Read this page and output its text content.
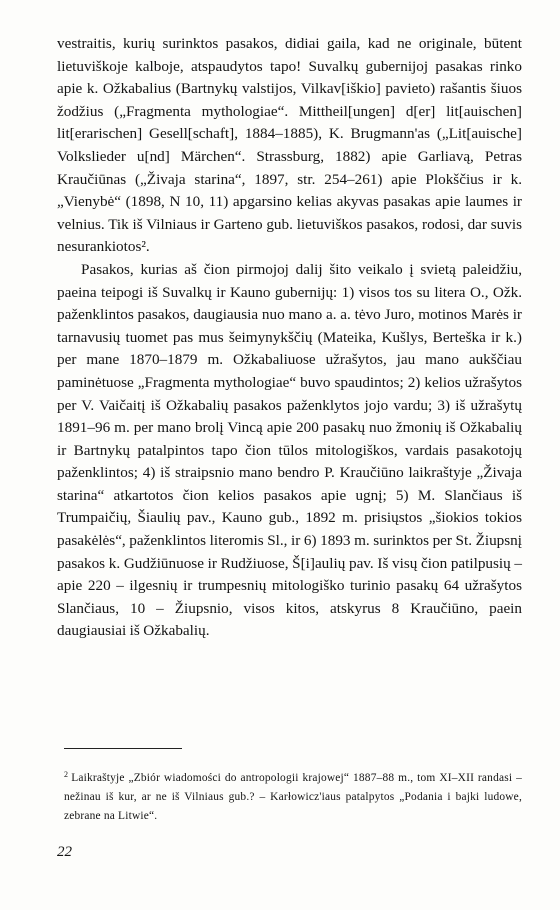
vestraitis, kurių surinktos pasakos, didiai gaila, kad ne originale, būtent lietuviškoje kalboje, atspaudytos tapo! Suvalkų gubernijoj pasakas rinko apie k. Ožkabalius (Bartnykų valstijos, Vilkav[iškio] pavieto) rašantis šiuos žodžius („Fragmenta mythologiae“. Mittheil[ungen] d[er] lit[auischen] lit[erarischen] Gesell[schaft], 1884–1885), K. Brugmann'as („Lit[auische] Volkslieder u[nd] Märchen“. Strassburg, 1882) apie Garliavą, Petras Kraučiūnas („Živaja starina“, 1897, str. 254–261) apie Plokščius ir k. „Vienybė“ (1898, N 10, 11) apgarsino kelias akyvas pasakas apie laumes ir velnius. Tik iš Vilniaus ir Garteno gub. lietuviškos pasakos, rodosi, dar suvis nesurankiotos².

Pasakos, kurias aš čion pirmojoj dalij šito veikalo į svietą paleidžiu, paeina teipogi iš Suvalkų ir Kauno gubernijų: 1) visos tos su litera O., Ožk. paženklintos pasakos, daugiausia nuo mano a. a. tėvo Juro, motinos Marės ir tarnavusių tuomet pas mus šeimynykščių (Mateika, Kušlys, Berteška ir k.) per mane 1870–1879 m. Ožkabaliuose užrašytos, jau mano aukščiau paminėtuose „Fragmenta mythologiae“ buvo spaudintos; 2) kelios užrašytos per V. Vaičaitį iš Ožkabalių pasakos paženklytos jojo vardu; 3) iš užrašytų 1891–96 m. per mano brolį Vincą apie 200 pasakų nuo žmonių iš Ožkabalių ir Bartnykų patalpintos tapo čion tūlos mitologiškos, vardais pasakotojų paženklintos; 4) iš straipsnio mano bendro P. Kraučiūno laikraštyje „Živaja starina“ atkartotos čion kelios pasakos apie ugnį; 5) M. Slančiaus iš Trumpaičių, Šiaulių pav., Kauno gub., 1892 m. prisiųstos „šiokios tokios pasakėlės“, paženklintos literomis Sl., ir 6) 1893 m. surinktos per St. Žiupsnį pasakos k. Gudžiūnuose ir Rudžiuose, Š[i]aulių pav. Iš visų čion patilpusių – apie 220 – ilgesnių ir trumpesnių mitologiško turinio pasakų 64 užrašytos Slančiaus, 10 – Žiupsnio, visos kitos, atskyrus 8 Kraučiūno, paein daugiausiai iš Ožkabalių.

$^2$ Laikraštyje „Zbiór wiadomości do antropologii krajowej“ 1887–88 m., tom XI–XII randasi – nežinau iš kur, ar ne iš Vilniaus gub.? – Karłowicz'iaus patalpytos „Podania i bajki ludowe, zebrane na Litwie“.

22
